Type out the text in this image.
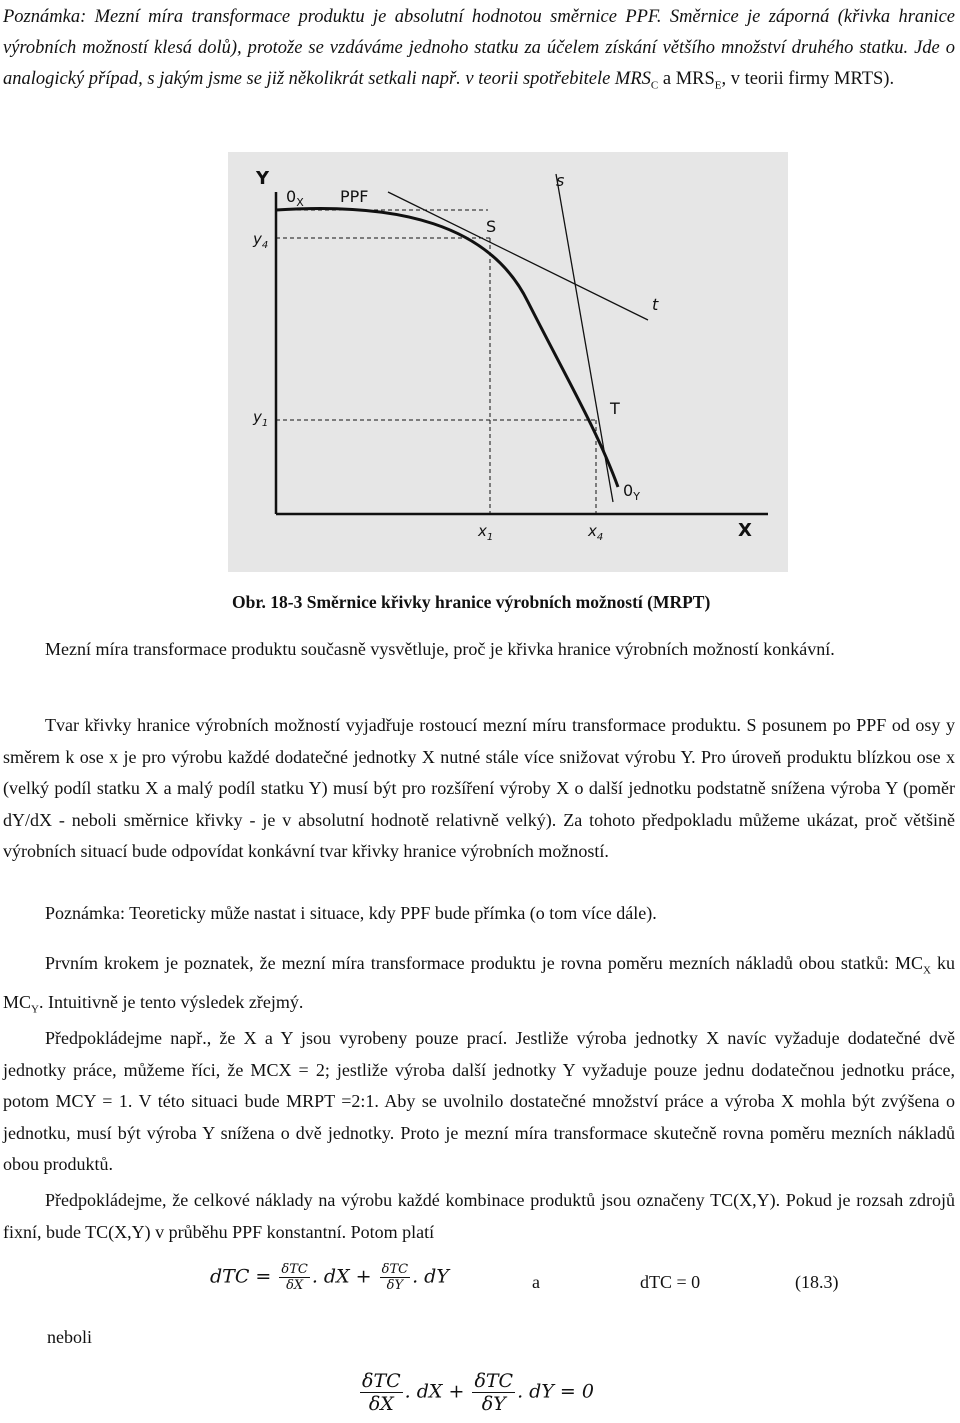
Poznámka: Mezní míra transformace produktu je absolutní hodnotou směrnice PPF. Směrnice je záporná (křivka hranice výrobních možností klesá dolů), protože se vzdáváme jednoho statku za účelem získání většího množství druhého statku. Jde o analogický případ, s jakým jsme se již několikrát setkali např. v teorii spotřebitele $MRS_C$ a $MRS_E$, v teorii firmy MRTS).
Y
$0_X$ PPF
$y_4$
$y_1$
S
s
t
T
$0_Y$
$x_1$	$x_4$	X
Obr. 18-3 Směrnice křivky hranice výrobních možností (MRPT)
Mezní míra transformace produktu současně vysvětluje, proč je křivka hranice výrobních možností konkávní.
Tvar křivky hranice výrobních možností vyjadřuje rostoucí mezní míru transformace produktu. S posunem po PPF od osy y směrem k ose x je pro výrobu každé dodatečné jednotky X nutné stále více snižovat výrobu Y. Pro úroveň produktu blízkou ose x (velký podíl statku X a malý podíl statku Y) musí být pro rozšíření výroby X o další jednotku podstatně snížena výroba Y (poměr dY/dX - neboli směrnice křivky - je v absolutní hodnotě relativně velký). Za tohoto předpokladu můžeme ukázat, proč většině výrobních situací bude odpovídat konkávní tvar křivky hranice výrobních možností.
Poznámka: Teoreticky může nastat i situace, kdy PPF bude přímka (o tom více dále).
Prvním krokem je poznatek, že mezní míra transformace produktu je rovna poměru mezních nákladů obou statků: $MC_X$ ku $MC_Y$. Intuitivně je tento výsledek zřejmý.
Předpokládejme např., že X a Y jsou vyrobeny pouze prací. Jestliže výroba jednotky X navíc vyžaduje dodatečné dvě jednotky práce, můžeme říci, že MCX = 2; jestliže výroba další jednotky Y vyžaduje pouze jednu dodatečnou jednotku práce, potom MCY = 1. V této situaci bude MRPT =2:1. Aby se uvolnilo dostatečné množství práce a výroba X mohla být zvýšena o jednotku, musí být výroba Y snížena o dvě jednotky. Proto je mezní míra transformace skutečně rovna poměru mezních nákladů obou produktů.
Předpokládejme, že celkové náklady na výrobu každé kombinace produktů jsou označeny TC(X,Y). Pokud je rozsah zdrojů fixní, bude TC(X,Y) v průběhu PPF konstantní. Potom platí
dTC = $\frac{\text{δTC}}{\delta X}$ . dX + $\frac{\text{δTC}}{\delta Y}$ . dY	a	dTC = 0	(18.3)
neboli
$\frac{\text{δTC}}{\delta X}$ . dX + $\frac{\text{δTC}}{\delta Y}$ . dY = 0
